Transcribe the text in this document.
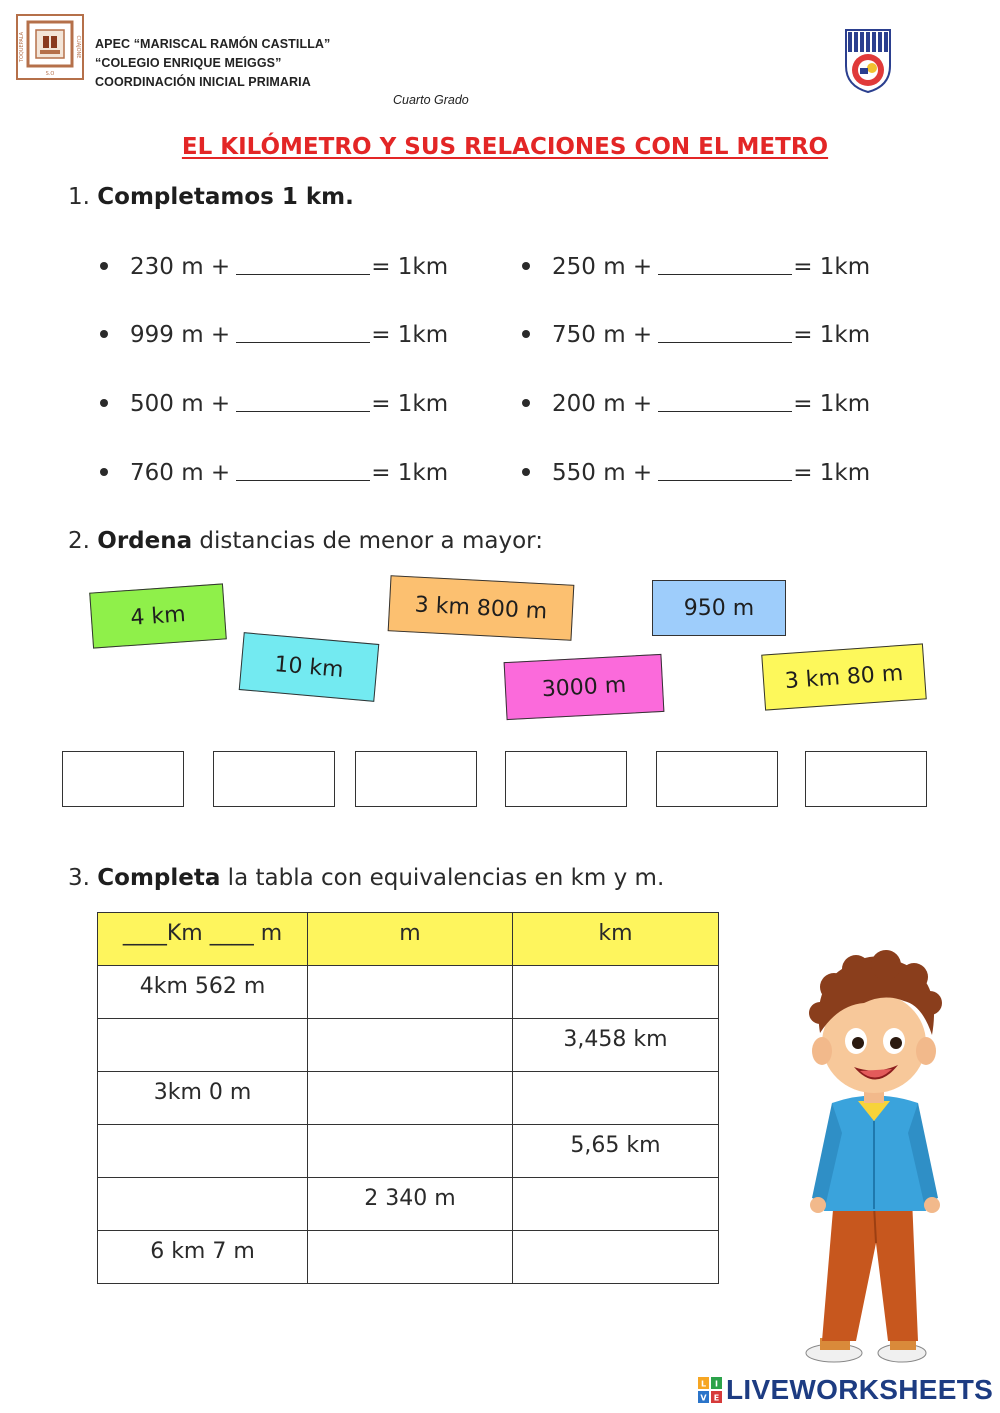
TOQUEPALA	CUAJONE
S.O
APEC “MARISCAL RAMÓN CASTILLA”
“COLEGIO ENRIQUE MEIGGS”
COORDINACIÓN INICIAL PRIMARIA
Cuarto Grado
EL KILÓMETRO Y SUS RELACIONES CON EL METRO
1. Completamos 1 km.
230 m +	= 1km
999 m +	= 1km
500 m +	= 1km
760 m +	= 1km
250 m +	= 1km
750 m +	= 1km
200 m +	= 1km
550 m +	= 1km
2. Ordena distancias de menor a mayor:
4 km
10 km
3 km 800 m
3000 m
950 m
3 km 80 m
3. Completa la tabla con equivalencias en km y m.
____Km ____ m	m	km
4km 562 m		
		3,458 km
3km 0 m		
		5,65 km
	2 340 m	
6 km 7 m		
L I
V E LIVEWORKSHEETS
